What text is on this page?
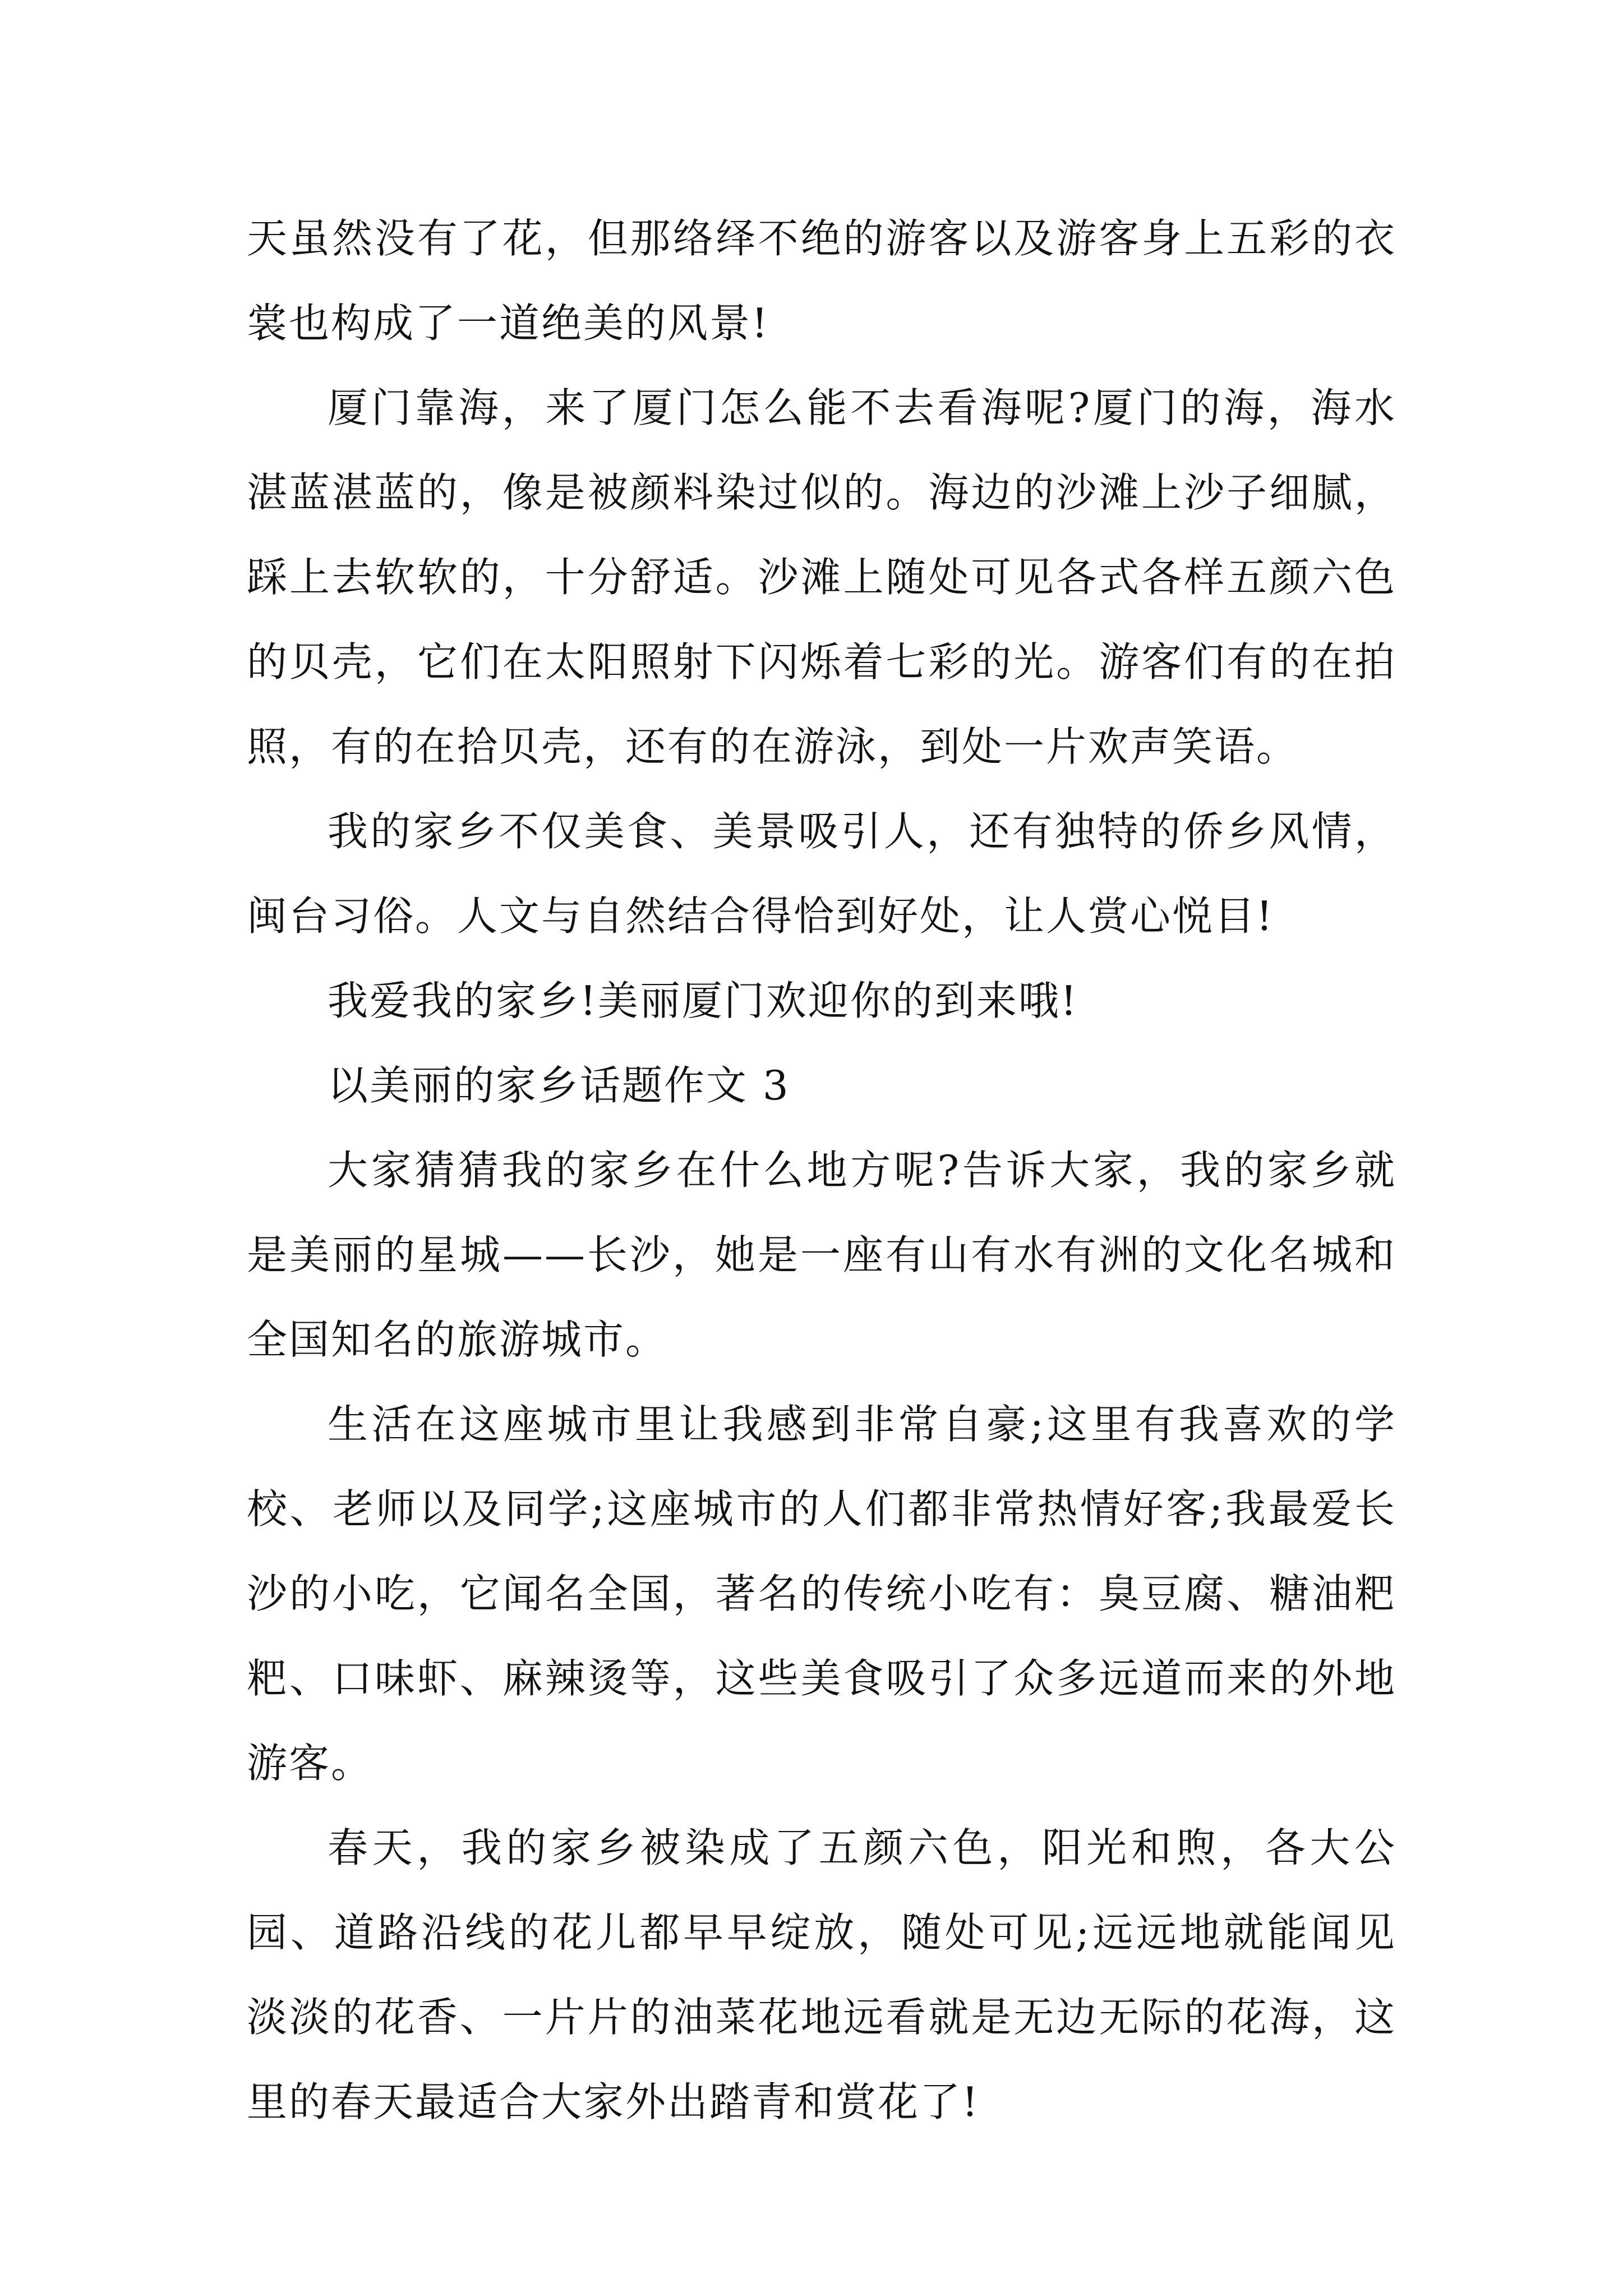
天虽然没有了花，但那络绎不绝的游客以及游客身上五彩的衣裳也构成了一道绝美的风景!

厦门靠海，来了厦门怎么能不去看海呢?厦门的海，海水湛蓝湛蓝的，像是被颜料染过似的。海边的沙滩上沙子细腻，踩上去软软的，十分舒适。沙滩上随处可见各式各样五颜六色的贝壳，它们在太阳照射下闪烁着七彩的光。游客们有的在拍照，有的在拾贝壳，还有的在游泳，到处一片欢声笑语。

我的家乡不仅美食、美景吸引人，还有独特的侨乡风情，闽台习俗。人文与自然结合得恰到好处，让人赏心悦目!

我爱我的家乡!美丽厦门欢迎你的到来哦!

以美丽的家乡话题作文 3

大家猜猜我的家乡在什么地方呢?告诉大家，我的家乡就是美丽的星城——长沙，她是一座有山有水有洲的文化名城和全国知名的旅游城市。

生活在这座城市里让我感到非常自豪;这里有我喜欢的学校、老师以及同学;这座城市的人们都非常热情好客;我最爱长沙的小吃，它闻名全国，著名的传统小吃有：臭豆腐、糖油粑粑、口味虾、麻辣烫等，这些美食吸引了众多远道而来的外地游客。

春天，我的家乡被染成了五颜六色，阳光和煦，各大公园、道路沿线的花儿都早早绽放，随处可见;远远地就能闻见淡淡的花香、一片片的油菜花地远看就是无边无际的花海，这里的春天最适合大家外出踏青和赏花了!
